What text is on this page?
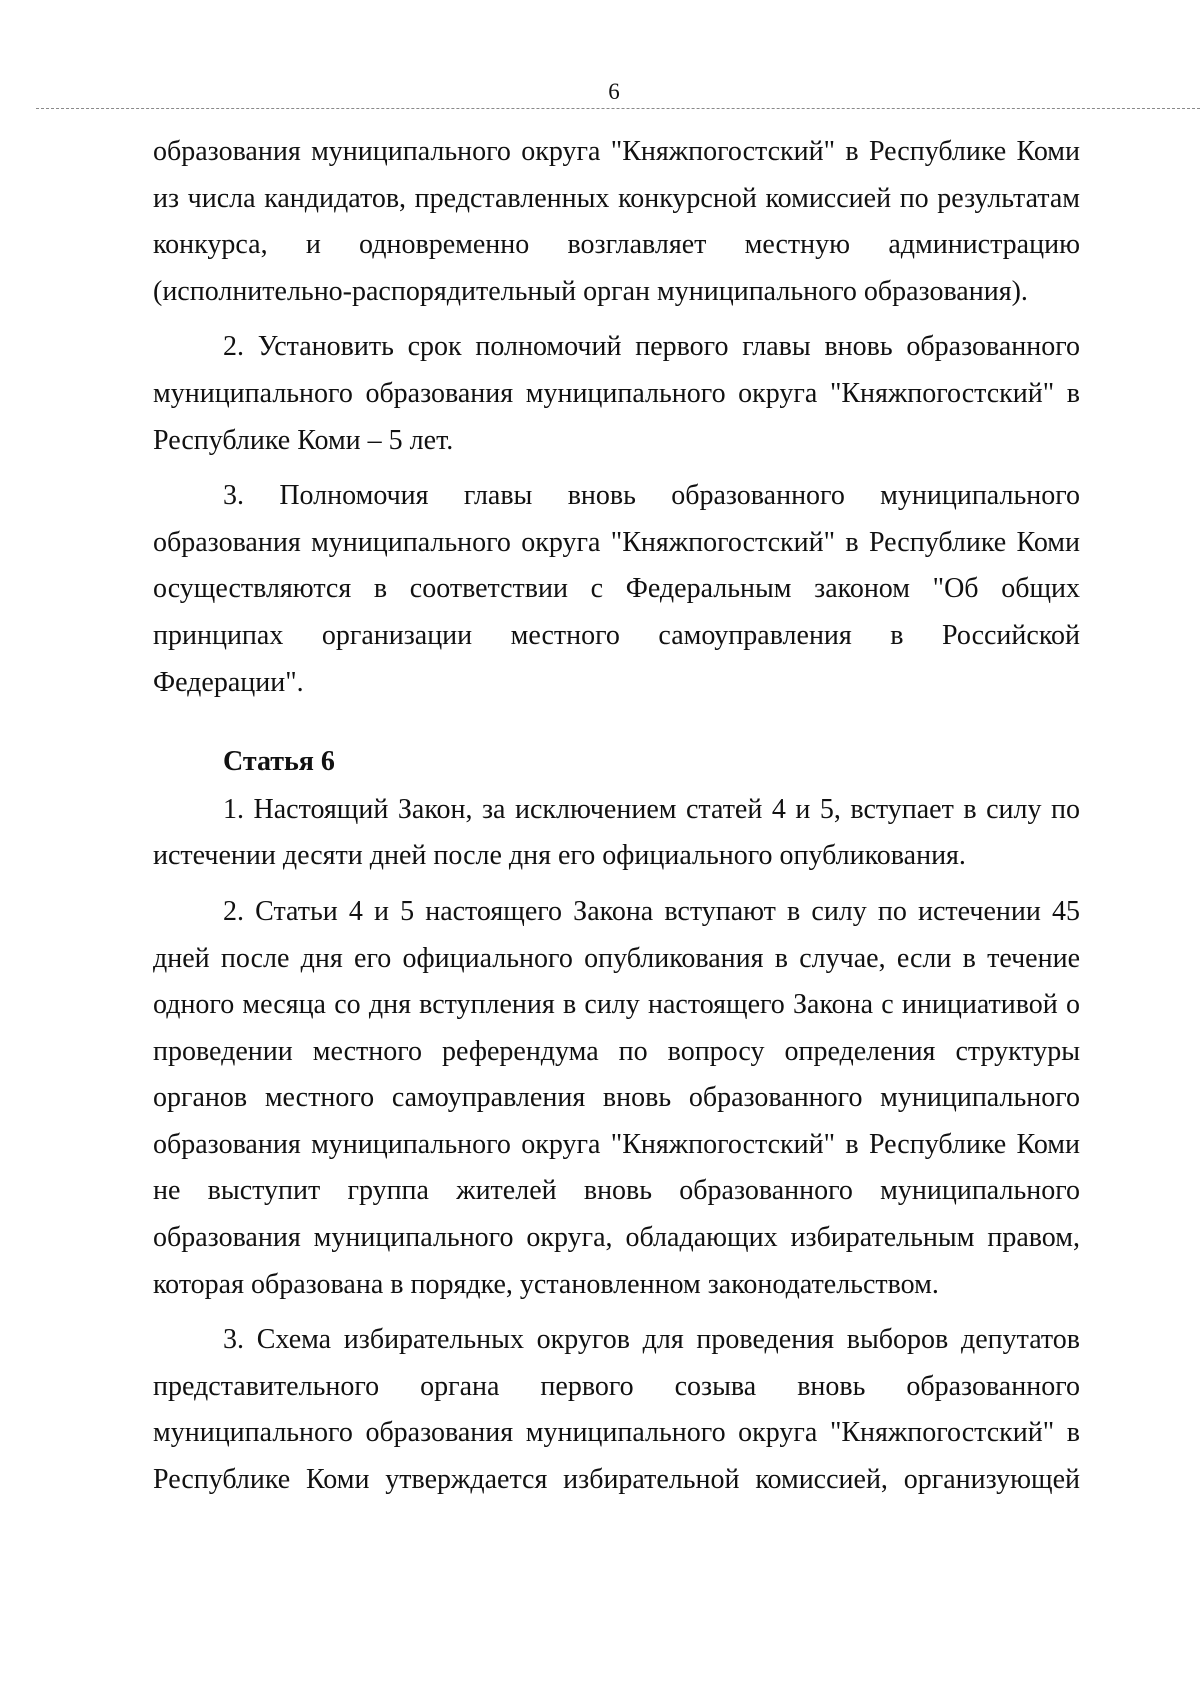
6

образования муниципального округа "Княжпогостский" в Республике Коми из числа кандидатов, представленных конкурсной комиссией по результатам конкурса, и одновременно возглавляет местную администрацию (исполнительно-распорядительный орган муниципального образования).

2. Установить срок полномочий первого главы вновь образованного муниципального образования муниципального округа "Княжпогостский" в Республике Коми – 5 лет.

3. Полномочия главы вновь образованного муниципального образования муниципального округа "Княжпогостский" в Республике Коми осуществляются в соответствии с Федеральным законом "Об общих принципах организации местного самоуправления в Российской Федерации".

Статья 6

1. Настоящий Закон, за исключением статей 4 и 5, вступает в силу по истечении десяти дней после дня его официального опубликования.

2. Статьи 4 и 5 настоящего Закона вступают в силу по истечении 45 дней после дня его официального опубликования в случае, если в течение одного месяца со дня вступления в силу настоящего Закона с инициативой о проведении местного референдума по вопросу определения структуры органов местного самоуправления вновь образованного муниципального образования муниципального округа "Княжпогостский" в Республике Коми не выступит группа жителей вновь образованного муниципального образования муниципального округа, обладающих избирательным правом, которая образована в порядке, установленном законодательством.

3. Схема избирательных округов для проведения выборов депутатов представительного органа первого созыва вновь образованного муниципального образования муниципального округа "Княжпогостский" в Республике Коми утверждается избирательной комиссией, организующей
